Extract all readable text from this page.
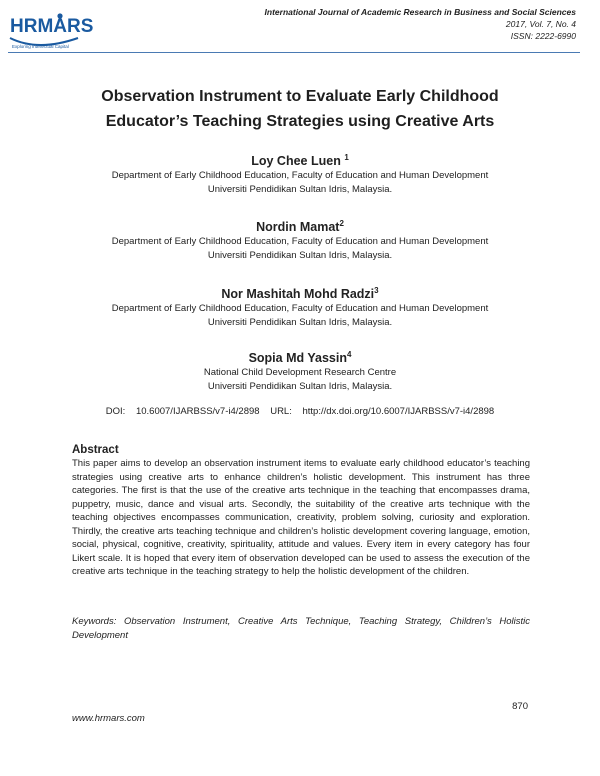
HRMARS
Exploring Intellectual Capital
International Journal of Academic Research in Business and Social Sciences
2017, Vol. 7, No. 4
ISSN: 2222-6990
Observation Instrument to Evaluate Early Childhood
Educator’s Teaching Strategies using Creative Arts
Loy Chee Luen $^1$
Department of Early Childhood Education, Faculty of Education and Human Development
Universiti Pendidikan Sultan Idris, Malaysia.
Nordin Mamat$^2$
Department of Early Childhood Education, Faculty of Education and Human Development
Universiti Pendidikan Sultan Idris, Malaysia.
Nor Mashitah Mohd Radzi$^3$
Department of Early Childhood Education, Faculty of Education and Human Development
Universiti Pendidikan Sultan Idris, Malaysia.
Sopia Md Yassin$^4$
National Child Development Research Centre
Universiti Pendidikan Sultan Idris, Malaysia.
DOI: 10.6007/IJARBSS/v7-i4/2898 URL: http://dx.doi.org/10.6007/IJARBSS/v7-i4/2898
Abstract
This paper aims to develop an observation instrument items to evaluate early childhood educator’s teaching strategies using creative arts to enhance children’s holistic development. This instrument has three categories. The first is that the use of the creative arts technique in the teaching that encompasses drama, puppetry, music, dance and visual arts. Secondly, the suitability of the creative arts technique with the teaching objectives encompasses communication, creativity, problem solving, curiosity and exploration. Thirdly, the creative arts teaching technique and children’s holistic development covering language, emotion, social, physical, cognitive, creativity, spirituality, attitude and values. Every item in every category has four Likert scale. It is hoped that every item of observation developed can be used to assess the execution of the creative arts technique in the teaching strategy to help the holistic development of the children.
Keywords: Observation Instrument, Creative Arts Technique, Teaching Strategy, Children’s Holistic Development
870
www.hrmars.com
